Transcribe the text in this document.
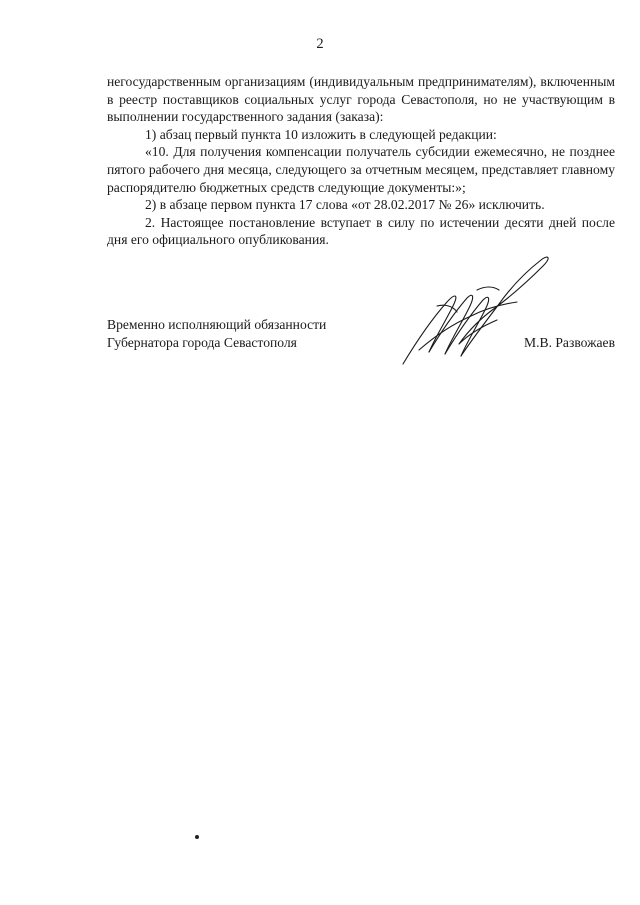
2

негосударственным организациям (индивидуальным предпринимателям), включенным в реестр поставщиков социальных услуг города Севастополя, но не участвующим в выполнении государственного задания (заказа):

1) абзац первый пункта 10 изложить в следующей редакции:

«10. Для получения компенсации получатель субсидии ежемесячно, не позднее пятого рабочего дня месяца, следующего за отчетным месяцем, представляет главному распорядителю бюджетных средств следующие документы:»;

2) в абзаце первом пункта 17 слова «от 28.02.2017 № 26» исключить.

2. Настоящее постановление вступает в силу по истечении десяти дней после дня его официального опубликования.

Временно исполняющий обязанности
Губернатора города Севастополя	М.В. Развожаев
